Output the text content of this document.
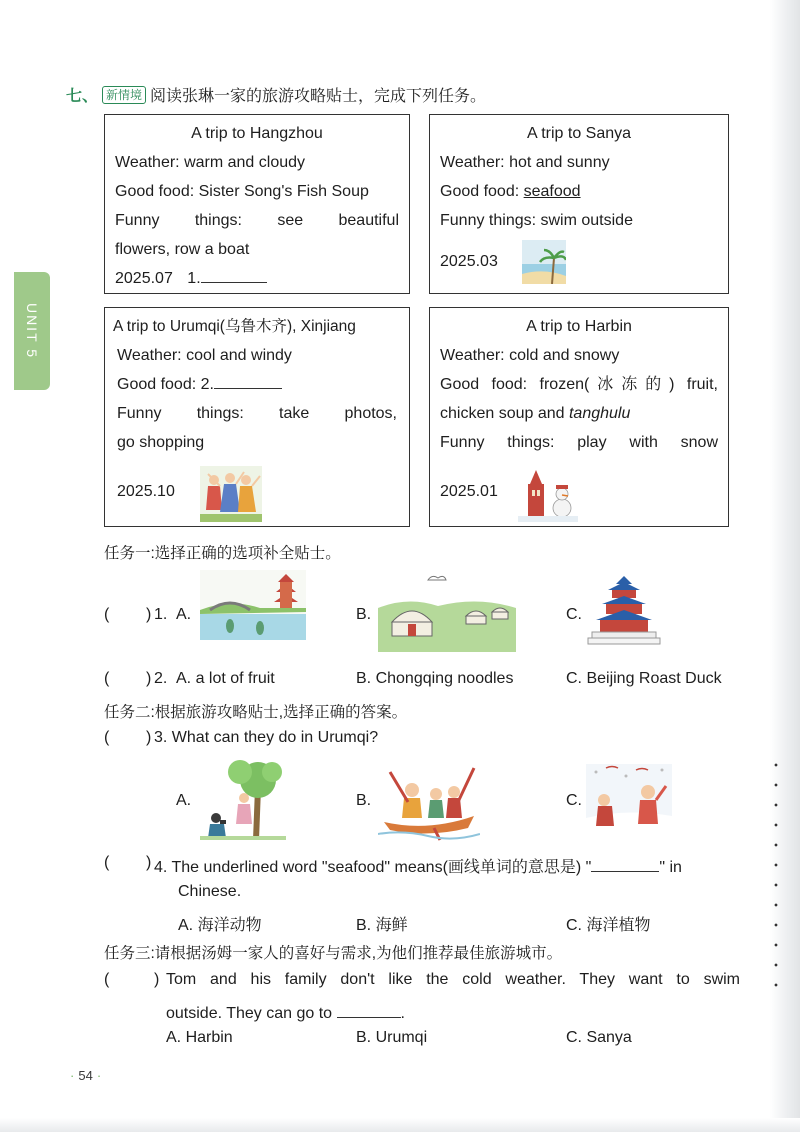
UNIT 5
七、 新情境 阅读张琳一家的旅游攻略贴士，完成下列任务。
A trip to Hangzhou
Weather: warm and cloudy
Good food: Sister Song's Fish Soup
Funny things: see beautiful
flowers, row a boat
2025.07 1.
A trip to Sanya
Weather: hot and sunny
Good food: seafood
Funny things: swim outside
2025.03
A trip to Urumqi(乌鲁木齐), Xinjiang
Weather: cool and windy
Good food: 2.
Funny things: take photos,
go shopping
2025.10
A trip to Harbin
Weather: cold and snowy
Good food: frozen(冰冻的) fruit,
chicken soup and tanghulu
Funny things: play with snow
2025.01
任务一:选择正确的选项补全贴士。
( ) 1. A.	B.	C.
( ) 2. A. a lot of fruit	B. Chongqing noodles	C. Beijing Roast Duck
任务二:根据旅游攻略贴士,选择正确的答案。
( ) 3. What can they do in Urumqi?
A.	B.	C.
( ) 4. The underlined word "seafood" means(画线单词的意思是) "	" in
Chinese.
A. 海洋动物	B. 海鲜	C. 海洋植物
任务三:请根据汤姆一家人的喜好与需求,为他们推荐最佳旅游城市。
(	) Tom and his family don't like the cold weather. They want to swim
outside. They can go to	.
A. Harbin	B. Urumqi	C. Sanya
· 54 ·
